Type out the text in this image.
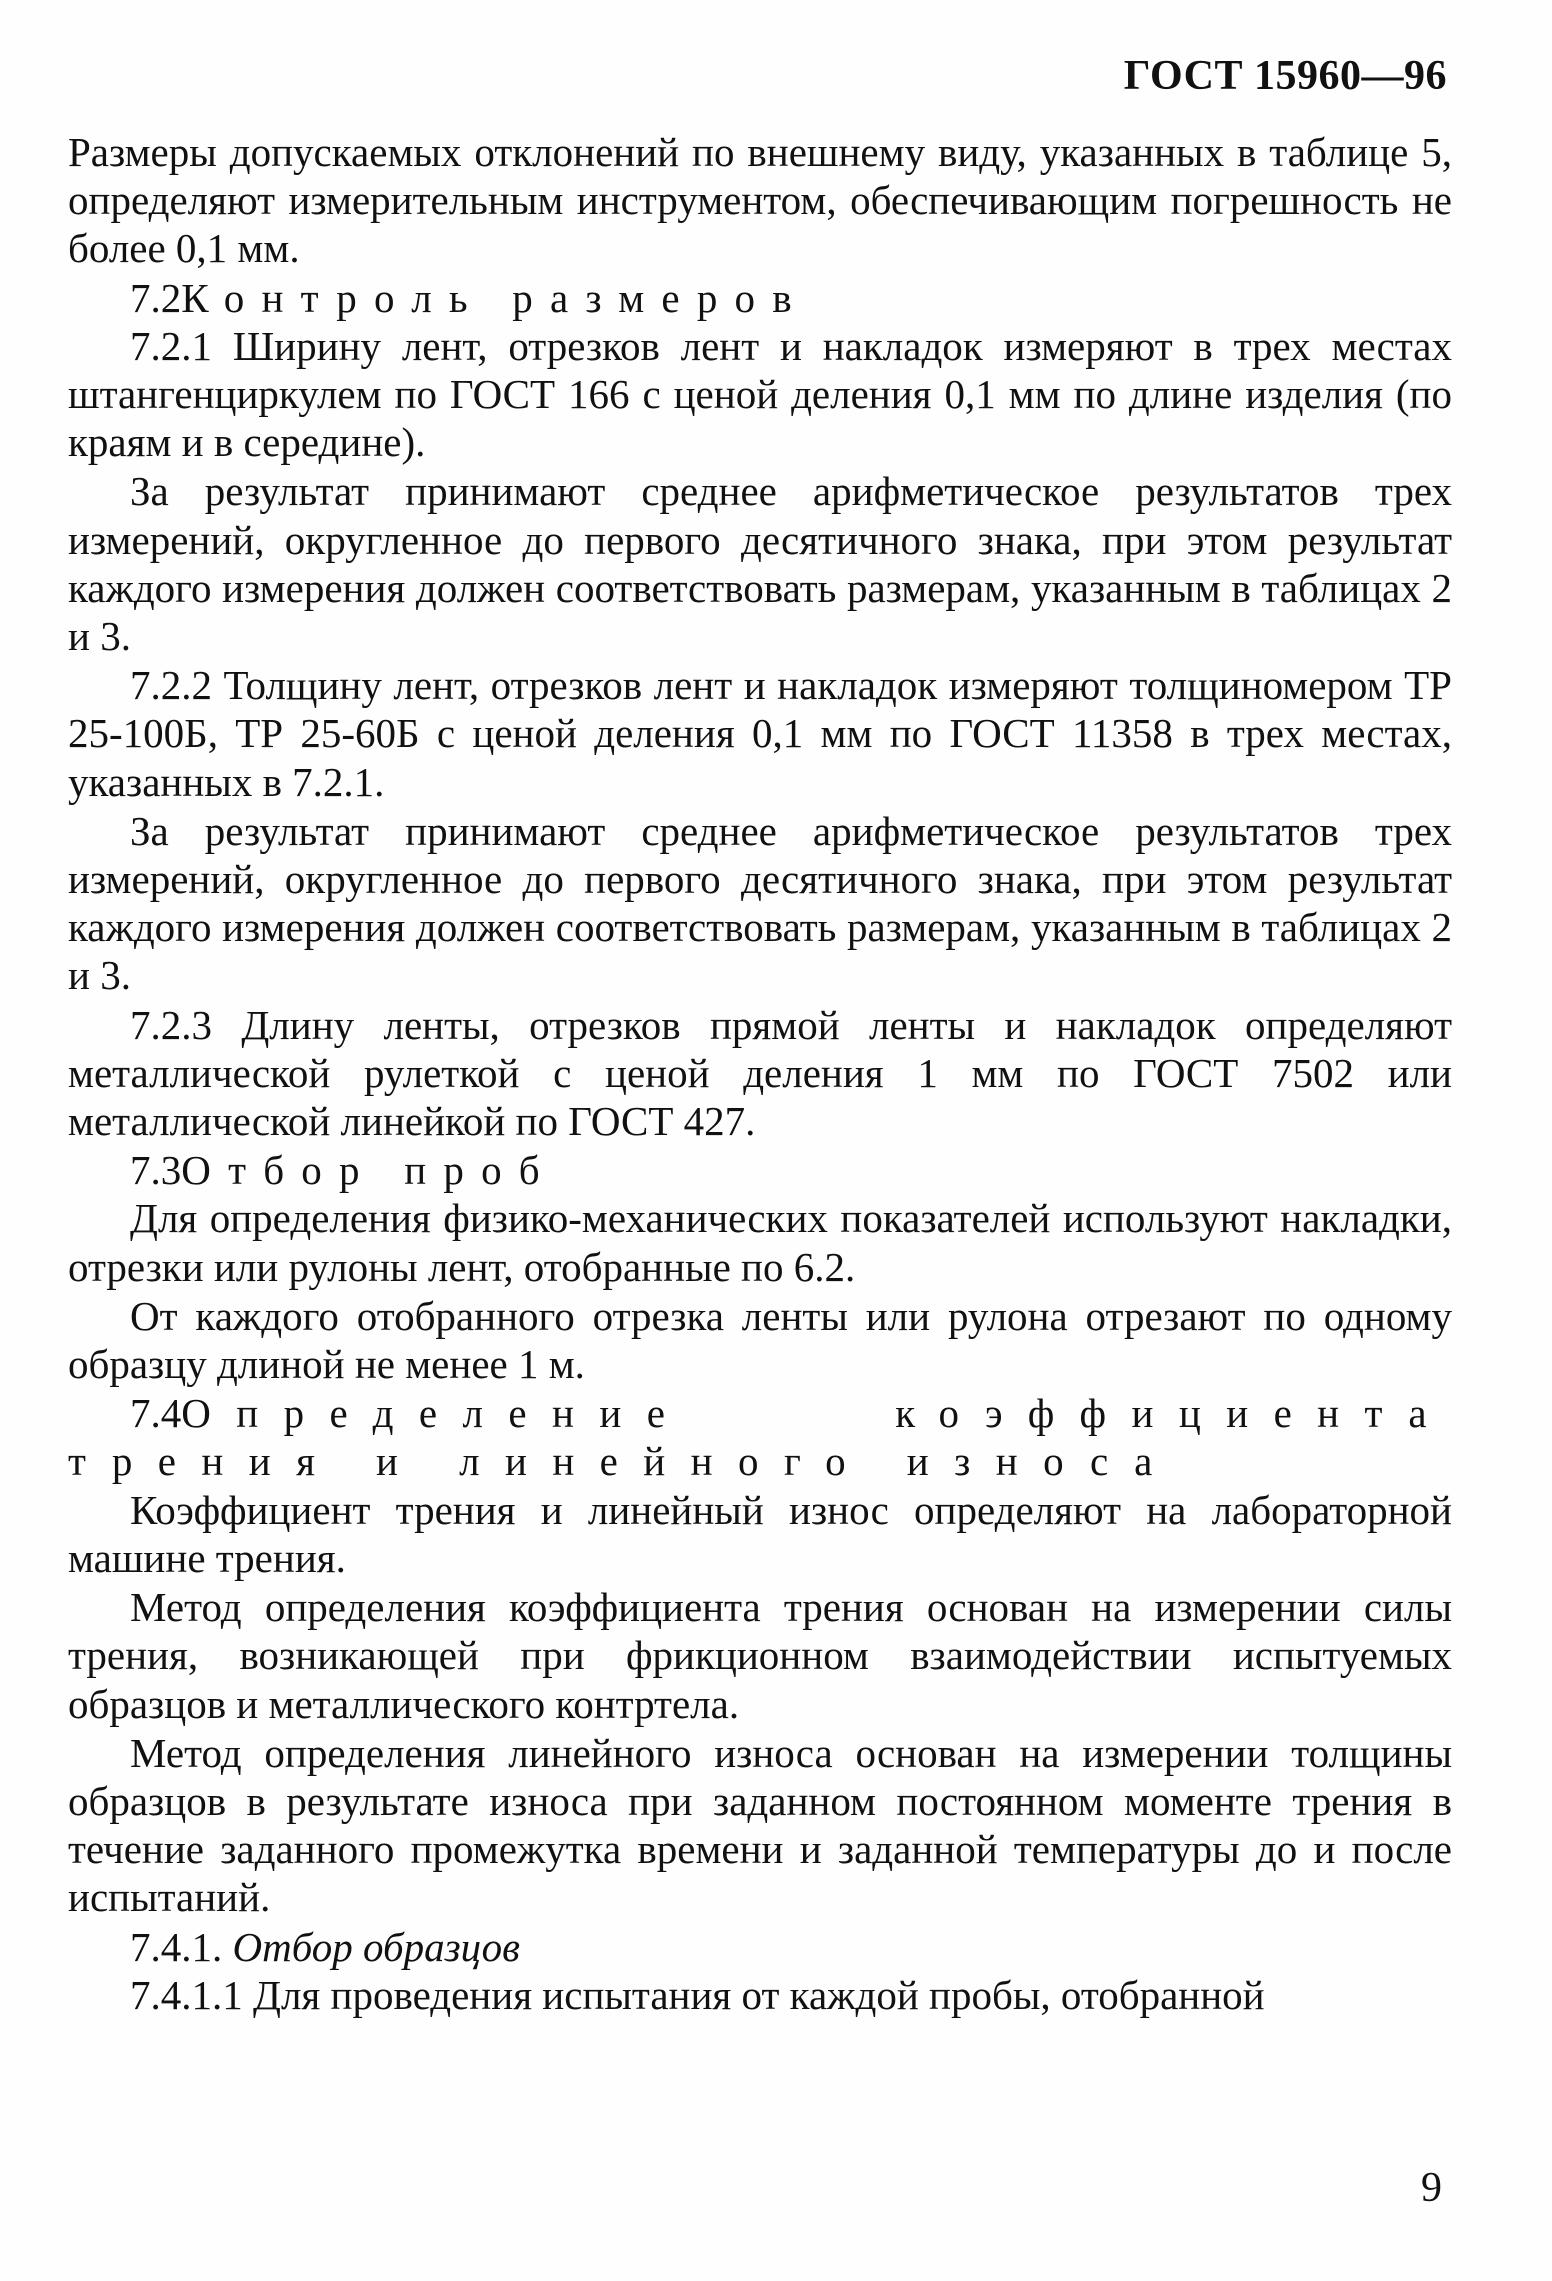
ГОСТ 15960—96

Размеры допускаемых отклонений по внешнему виду, указанных в таблице 5, определяют измерительным инструментом, обеспечивающим погрешность не более 0,1 мм.

7.2Контроль размеров

7.2.1 Ширину лент, отрезков лент и накладок измеряют в трех местах штангенциркулем по ГОСТ 166 с ценой деления 0,1 мм по длине изделия (по краям и в середине).

За результат принимают среднее арифметическое результатов трех измерений, округленное до первого десятичного знака, при этом результат каждого измерения должен соответствовать размерам, указанным в таблицах 2 и 3.

7.2.2 Толщину лент, отрезков лент и накладок измеряют толщиномером ТР 25-100Б, ТР 25-60Б с ценой деления 0,1 мм по ГОСТ 11358 в трех местах, указанных в 7.2.1.

За результат принимают среднее арифметическое результатов трех измерений, округленное до первого десятичного знака, при этом результат каждого измерения должен соответствовать размерам, указанным в таблицах 2 и 3.

7.2.3 Длину ленты, отрезков прямой ленты и накладок определяют металлической рулеткой с ценой деления 1 мм по ГОСТ 7502 или металлической линейкой по ГОСТ 427.

7.3Отбор проб

Для определения физико-механических показателей используют накладки, отрезки или рулоны лент, отобранные по 6.2.

От каждого отобранного отрезка ленты или рулона отрезают по одному образцу длиной не менее 1 м.

7.4Определение коэффициента трения и линейного износа

Коэффициент трения и линейный износ определяют на лабораторной машине трения.

Метод определения коэффициента трения основан на измерении силы трения, возникающей при фрикционном взаимодействии испытуемых образцов и металлического контртела.

Метод определения линейного износа основан на измерении толщины образцов в результате износа при заданном постоянном моменте трения в течение заданного промежутка времени и заданной температуры до и после испытаний.

7.4.1. Отбор образцов

7.4.1.1 Для проведения испытания от каждой пробы, отобранной

9
